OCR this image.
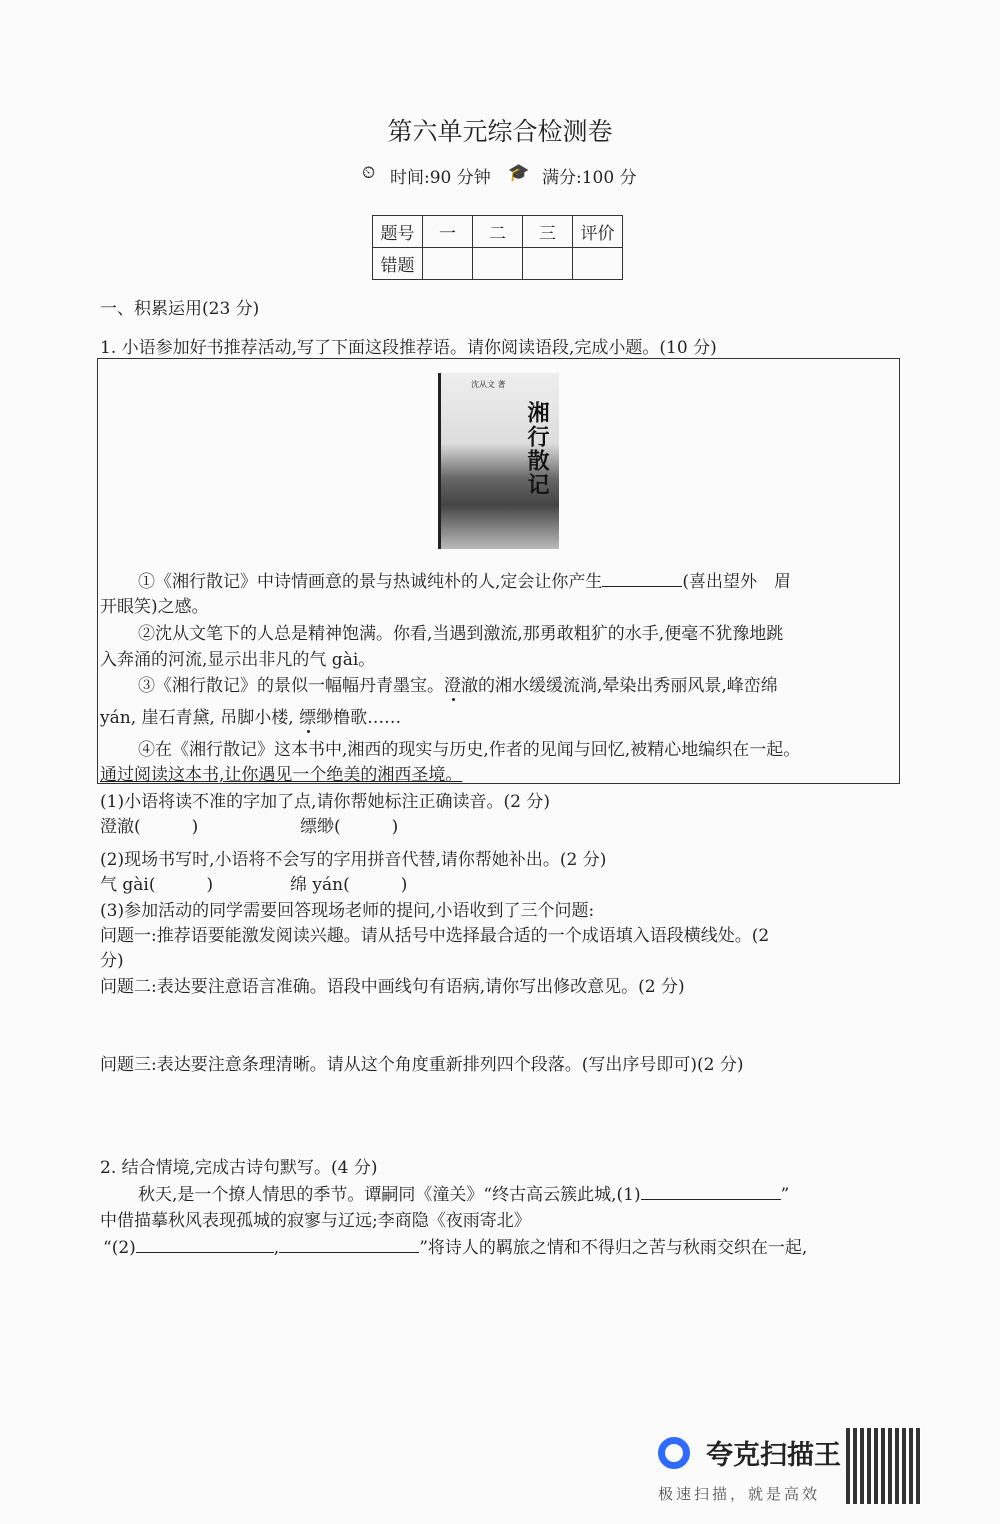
第六单元综合检测卷
⏲ 时间:90 分钟 🎓 满分:100 分
题号	一	二	三	评价
错题				
一、积累运用(23 分)
1. 小语参加好书推荐活动,写了下面这段推荐语。请你阅读语段,完成小题。(10 分)
沈从文 著
湘行散记
①《湘行散记》中诗情画意的景与热诚纯朴的人,定会让你产生	(喜出望外　眉
开眼笑)之感。
②沈从文笔下的人总是精神饱满。你看,当遇到激流,那勇敢粗犷的水手,便毫不犹豫地跳
入奔涌的河流,显示出非凡的气 gài。
③《湘行散记》的景似一幅幅丹青墨宝。澄澈的湘水缓缓流淌,晕染出秀丽风景,峰峦绵
yán, 崖石青黛, 吊脚小楼, 缥缈橹歌……
④在《湘行散记》这本书中,湘西的现实与历史,作者的见闻与回忆,被精心地编织在一起。
通过阅读这本书,让你遇见一个绝美的湘西圣境。
(1)小语将读不准的字加了点,请你帮她标注正确读音。(2 分)
澄澈(　　　)	缥缈(　　　)
(2)现场书写时,小语将不会写的字用拼音代替,请你帮她补出。(2 分)
气 gài(　　　)	绵 yán(　　　)
(3)参加活动的同学需要回答现场老师的提问,小语收到了三个问题:
问题一:推荐语要能激发阅读兴趣。请从括号中选择最合适的一个成语填入语段横线处。(2
分)
问题二:表达要注意语言准确。语段中画线句有语病,请你写出修改意见。(2 分)
问题三:表达要注意条理清晰。请从这个角度重新排列四个段落。(写出序号即可)(2 分)
2. 结合情境,完成古诗句默写。(4 分)
秋天,是一个撩人情思的季节。谭嗣同《潼关》“终古高云簇此城,(1)	”
中借描摹秋风表现孤城的寂寥与辽远;李商隐《夜雨寄北》
“(2)	,	”将诗人的羁旅之情和不得归之苦与秋雨交织在一起,
夸克扫描王
极速扫描，就是高效
